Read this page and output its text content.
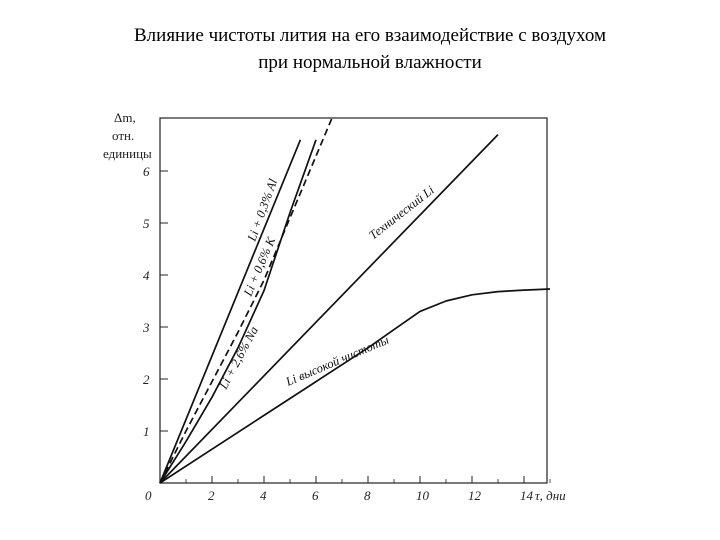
Влияние чистоты лития на его взаимодействие с воздухом
при нормальной влажности
Δm,
отн.
единицы
1
2
3
4
5
6
0	2	4	6	8	10	12	14 τ, дни
Li + 0,3% Al
Li + 0,6% K
Li + 2,6% Na
Технический Li
Li высокой чистоты
